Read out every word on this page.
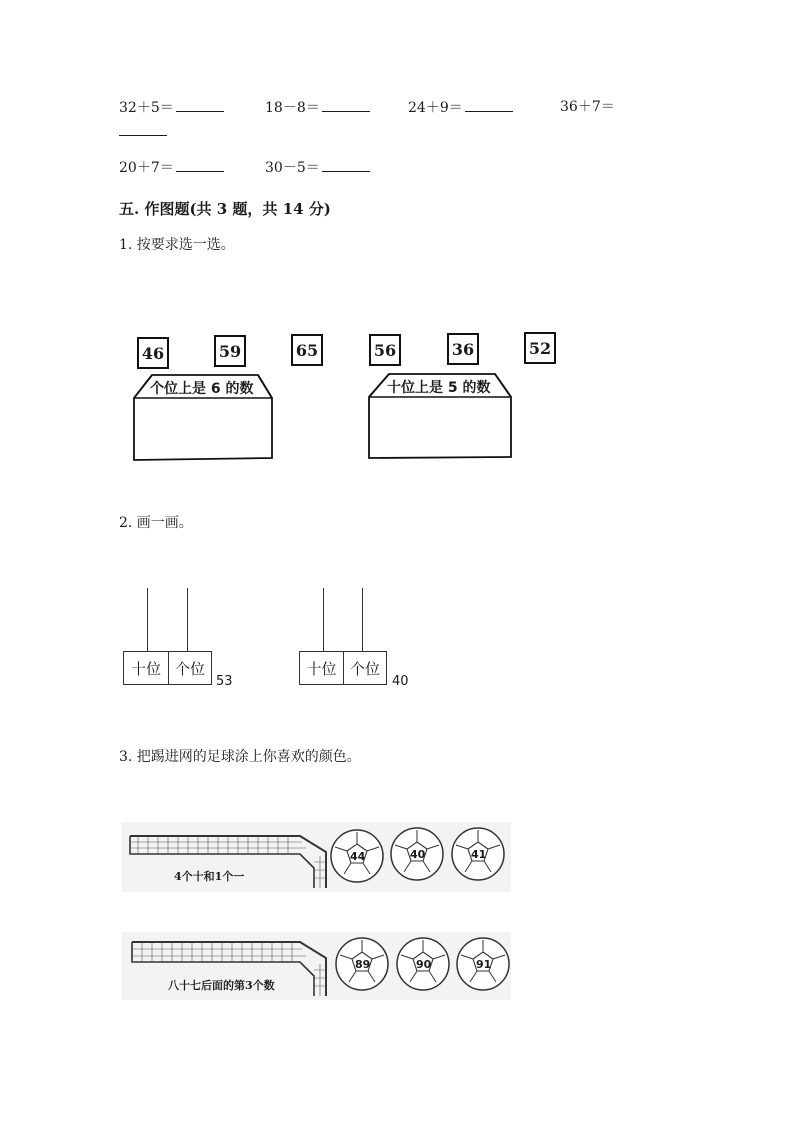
32＋5＝	18－8＝	24＋9＝	36＋7＝
20＋7＝	30－5＝
五. 作图题(共 3 题，共 14 分)
1. 按要求选一选。
46	59	65	56	36	52
个位上是 6 的数	十位上是 5 的数
2. 画一画。
十位 个位
53
十位 个位
40
3. 把踢进网的足球涂上你喜欢的颜色。
4个十和1个一
44	40	41
八十七后面的第3个数
89	90	91
